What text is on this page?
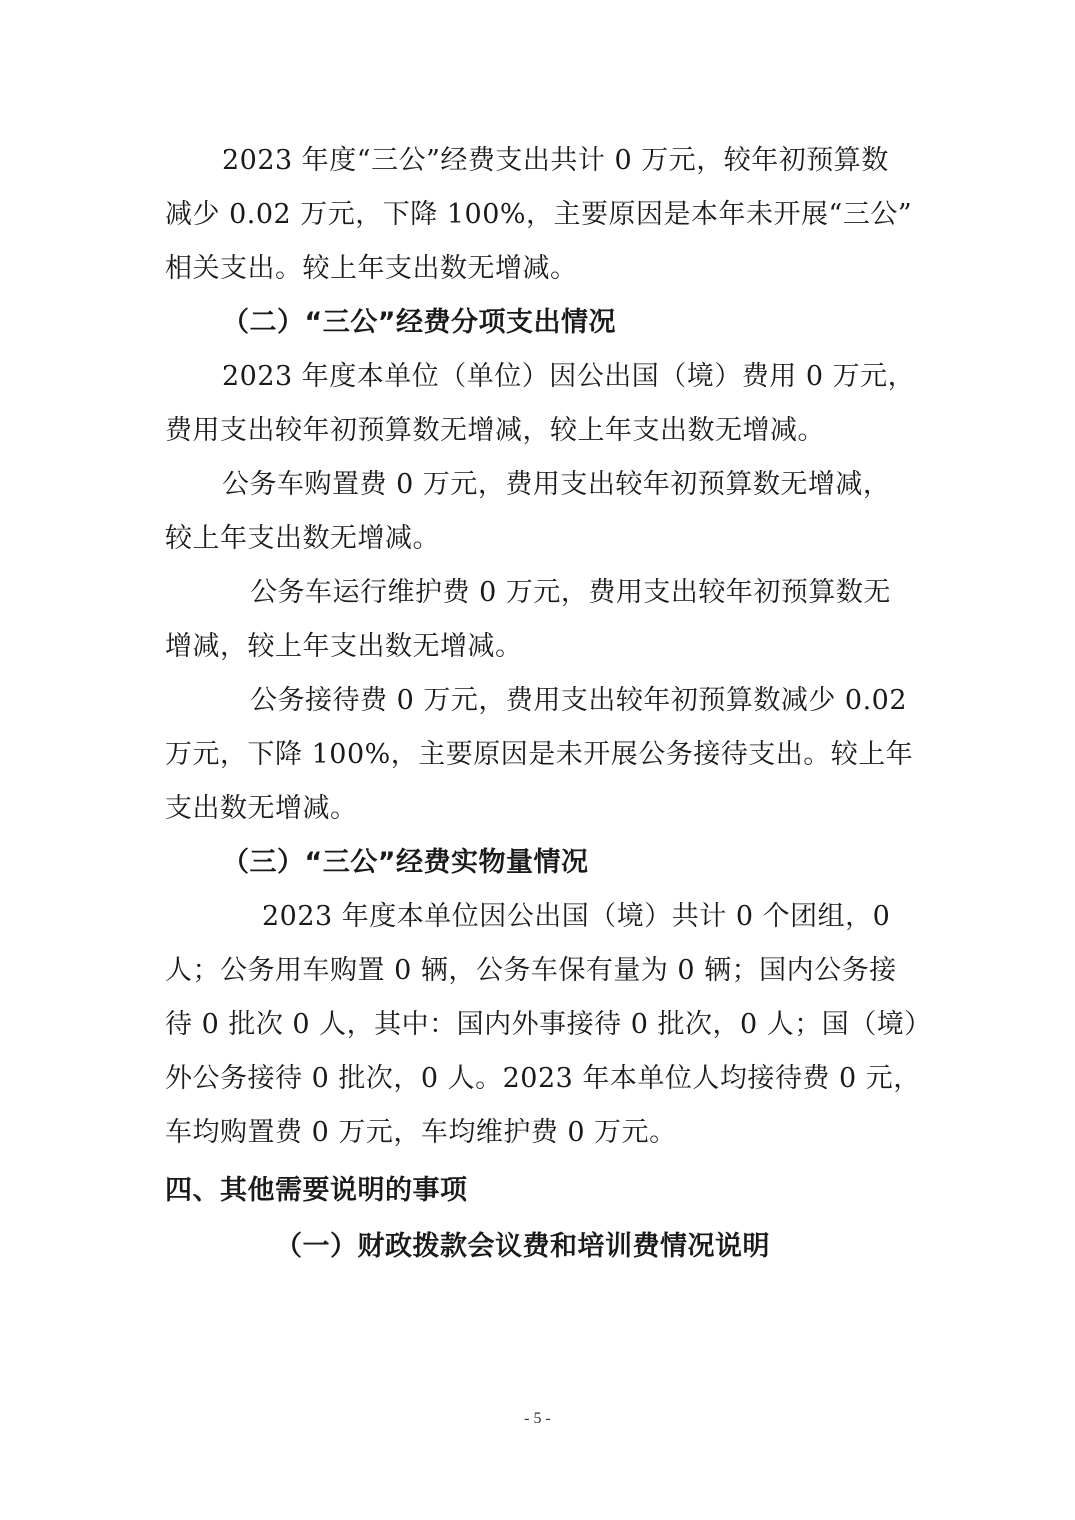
2023 年度“三公”经费支出共计 0 万元，较年初预算数
减少 0.02 万元，下降 100%，主要原因是本年未开展“三公”
相关支出。较上年支出数无增减。
（二）“三公”经费分项支出情况
2023 年度本单位（单位）因公出国（境）费用 0 万元，
费用支出较年初预算数无增减，较上年支出数无增减。
公务车购置费 0 万元，费用支出较年初预算数无增减，
较上年支出数无增减。
公务车运行维护费 0 万元，费用支出较年初预算数无
增减，较上年支出数无增减。
公务接待费 0 万元，费用支出较年初预算数减少 0.02
万元，下降 100%，主要原因是未开展公务接待支出。较上年
支出数无增减。
（三）“三公”经费实物量情况
2023 年度本单位因公出国（境）共计 0 个团组，0
人；公务用车购置 0 辆，公务车保有量为 0 辆；国内公务接
待 0 批次 0 人，其中：国内外事接待 0 批次，0 人；国（境）
外公务接待 0 批次，0 人。2023 年本单位人均接待费 0 元，
车均购置费 0 万元，车均维护费 0 万元。
四、其他需要说明的事项
（一）财政拨款会议费和培训费情况说明
- 5 -
